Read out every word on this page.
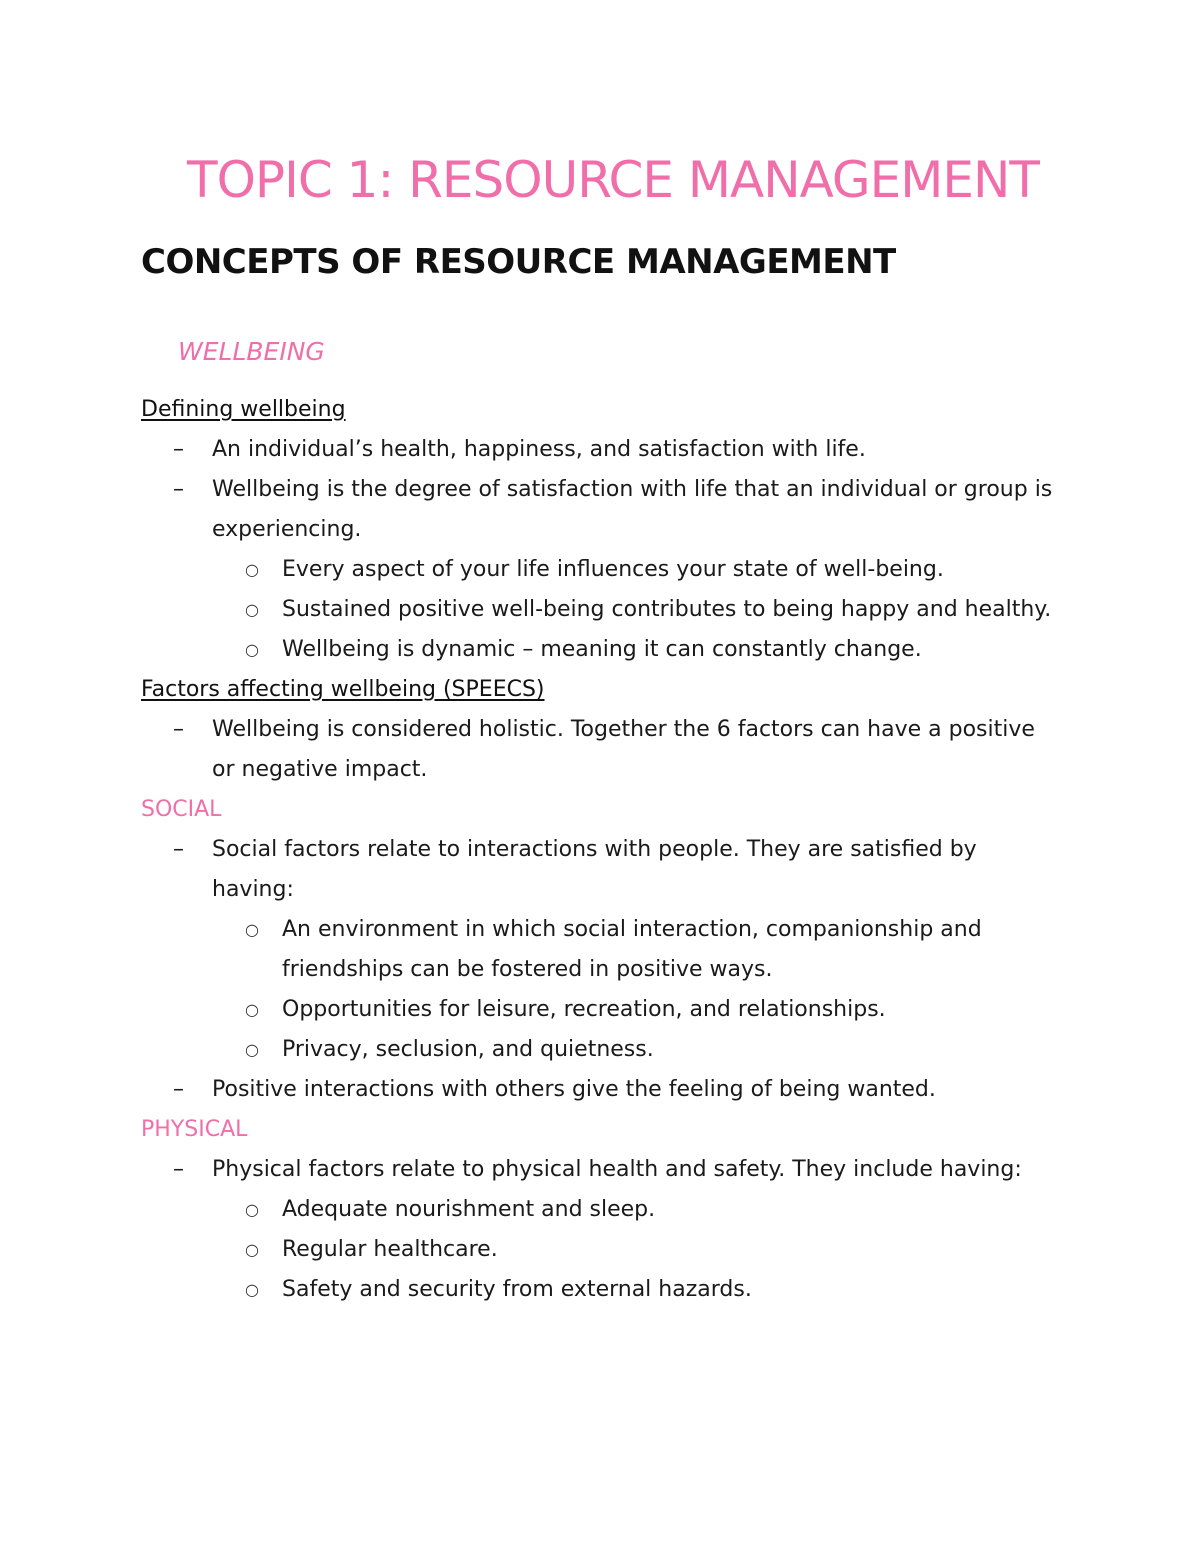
TOPIC 1: RESOURCE MANAGEMENT
CONCEPTS OF RESOURCE MANAGEMENT
WELLBEING

Defining wellbeing

– An individual’s health, happiness, and satisfaction with life.
– Wellbeing is the degree of satisfaction with life that an individual or group is experiencing.
○ Every aspect of your life influences your state of well-being.
○ Sustained positive well-being contributes to being happy and healthy.
○ Wellbeing is dynamic – meaning it can constantly change.

Factors affecting wellbeing (SPEECS)

– Wellbeing is considered holistic. Together the 6 factors can have a positive or negative impact.

SOCIAL

– Social factors relate to interactions with people. They are satisfied by having:
○ An environment in which social interaction, companionship and friendships can be fostered in positive ways.
○ Opportunities for leisure, recreation, and relationships.
○ Privacy, seclusion, and quietness.
– Positive interactions with others give the feeling of being wanted.

PHYSICAL

– Physical factors relate to physical health and safety. They include having:
○ Adequate nourishment and sleep.
○ Regular healthcare.
○ Safety and security from external hazards.
